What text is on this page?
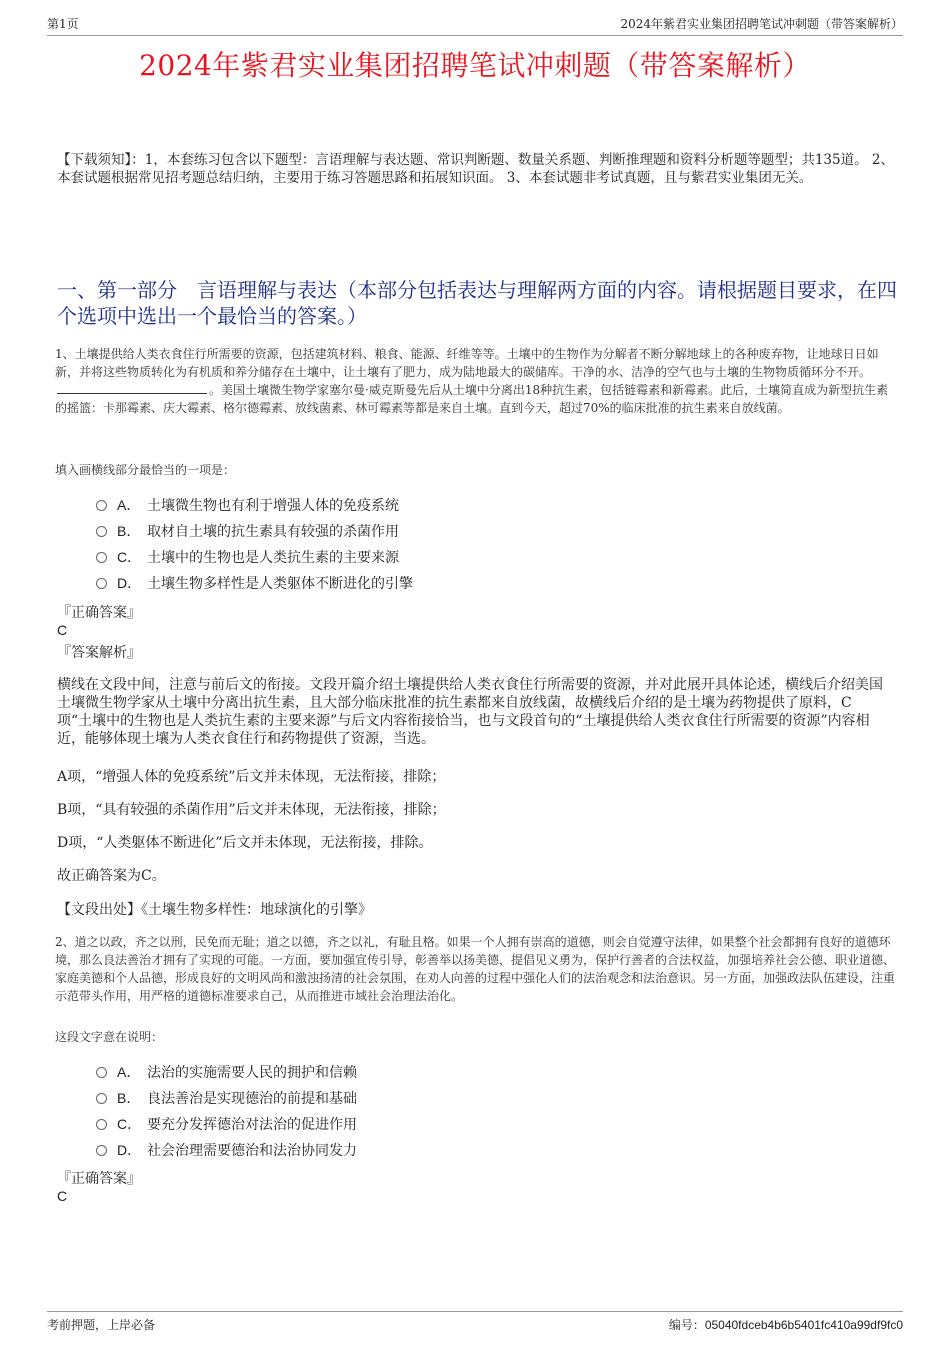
第1页	2024年紫君实业集团招聘笔试冲刺题（带答案解析）
2024年紫君实业集团招聘笔试冲刺题（带答案解析）
【下载须知】：1，本套练习包含以下题型：言语理解与表达题、常识判断题、数量关系题、判断推理题和资料分析题等题型；共135道。 2、本套试题根据常见招考题总结归纳，主要用于练习答题思路和拓展知识面。 3、本套试题非考试真题，且与紫君实业集团无关。
一、第一部分　言语理解与表达（本部分包括表达与理解两方面的内容。请根据题目要求，在四个选项中选出一个最恰当的答案。）
1、土壤提供给人类衣食住行所需要的资源，包括建筑材料、粮食、能源、纤维等等。土壤中的生物作为分解者不断分解地球上的各种废弃物，让地球日日如新，并将这些物质转化为有机质和养分储存在土壤中，让土壤有了肥力，成为陆地最大的碳储库。干净的水、洁净的空气也与土壤的生物物质循环分不开。。美国土壤微生物学家塞尔曼·威克斯曼先后从土壤中分离出18种抗生素，包括链霉素和新霉素。此后，土壤简直成为新型抗生素的摇篮：卡那霉素、庆大霉素、格尔德霉素、放线菌素、林可霉素等都是来自土壤。直到今天，超过70%的临床批准的抗生素来自放线菌。
填入画横线部分最恰当的一项是：
A． 土壤微生物也有利于增强人体的免疫系统
B． 取材自土壤的抗生素具有较强的杀菌作用
C． 土壤中的生物也是人类抗生素的主要来源
D． 土壤生物多样性是人类躯体不断进化的引擎
『正确答案』
C
『答案解析』
横线在文段中间，注意与前后文的衔接。文段开篇介绍土壤提供给人类衣食住行所需要的资源，并对此展开具体论述，横线后介绍美国土壤微生物学家从土壤中分离出抗生素，且大部分临床批准的抗生素都来自放线菌，故横线后介绍的是土壤为药物提供了原料，C项“土壤中的生物也是人类抗生素的主要来源”与后文内容衔接恰当，也与文段首句的“土壤提供给人类衣食住行所需要的资源”内容相近，能够体现土壤为人类衣食住行和药物提供了资源，当选。
A项，“增强人体的免疫系统”后文并未体现，无法衔接，排除；
B项，“具有较强的杀菌作用”后文并未体现，无法衔接，排除；
D项，“人类躯体不断进化”后文并未体现，无法衔接，排除。
故正确答案为C。
【文段出处】《土壤生物多样性：地球演化的引擎》
2、道之以政，齐之以刑，民免而无耻；道之以德，齐之以礼，有耻且格。如果一个人拥有崇高的道德，则会自觉遵守法律，如果整个社会都拥有良好的道德环境，那么良法善治才拥有了实现的可能。一方面，要加强宣传引导，彰善举以扬美德，提倡见义勇为，保护行善者的合法权益，加强培养社会公德、职业道德、家庭美德和个人品德，形成良好的文明风尚和激浊扬清的社会氛围，在劝人向善的过程中强化人们的法治观念和法治意识。另一方面，加强政法队伍建设，注重示范带头作用，用严格的道德标准要求自己，从而推进市域社会治理法治化。
这段文字意在说明：
A． 法治的实施需要人民的拥护和信赖
B． 良法善治是实现德治的前提和基础
C． 要充分发挥德治对法治的促进作用
D． 社会治理需要德治和法治协同发力
『正确答案』
C
考前押题，上岸必备	编号：05040fdceb4b6b5401fc410a99df9fc0
